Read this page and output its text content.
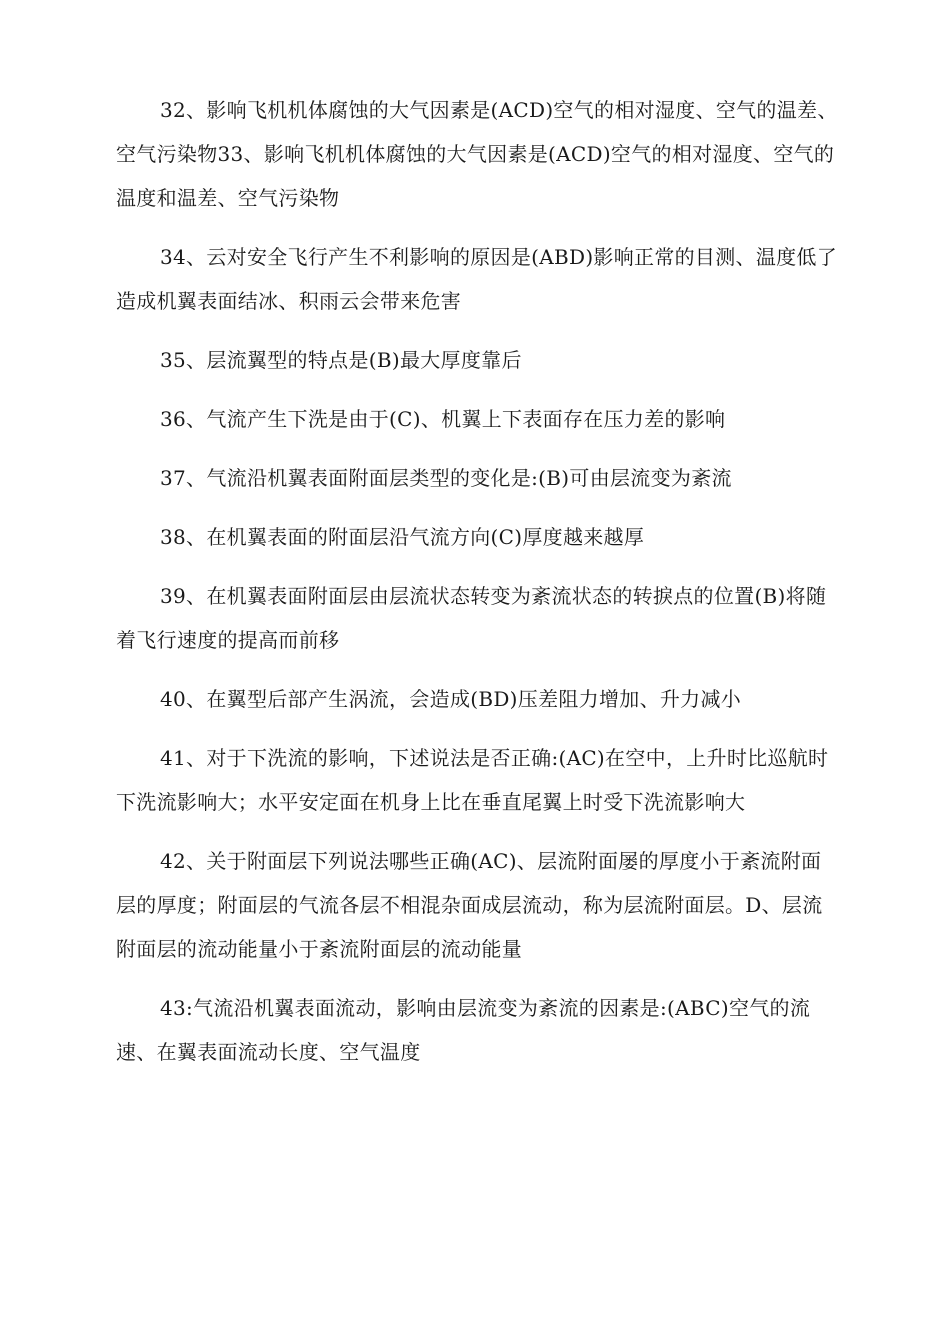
32、影响飞机机体腐蚀的大气因素是(ACD)空气的相对湿度、空气的温差、空气污染物33、影响飞机机体腐蚀的大气因素是(ACD)空气的相对湿度、空气的温度和温差、空气污染物

34、云对安全飞行产生不利影响的原因是(ABD)影响正常的目测、温度低了造成机翼表面结冰、积雨云会带来危害

35、层流翼型的特点是(B)最大厚度靠后

36、气流产生下洗是由于(C)、机翼上下表面存在压力差的影响

37、气流沿机翼表面附面层类型的变化是:(B)可由层流变为紊流

38、在机翼表面的附面层沿气流方向(C)厚度越来越厚

39、在机翼表面附面层由层流状态转变为紊流状态的转捩点的位置(B)将随着飞行速度的提高而前移

40、在翼型后部产生涡流，会造成(BD)压差阻力增加、升力减小

41、对于下洗流的影响，下述说法是否正确:(AC)在空中，上升时比巡航时下洗流影响大；水平安定面在机身上比在垂直尾翼上时受下洗流影响大

42、关于附面层下列说法哪些正确(AC)、层流附面屡的厚度小于紊流附面层的厚度；附面层的气流各层不相混杂面成层流动，称为层流附面层。D、层流附面层的流动能量小于紊流附面层的流动能量

43:气流沿机翼表面流动，影响由层流变为紊流的因素是:(ABC)空气的流速、在翼表面流动长度、空气温度
